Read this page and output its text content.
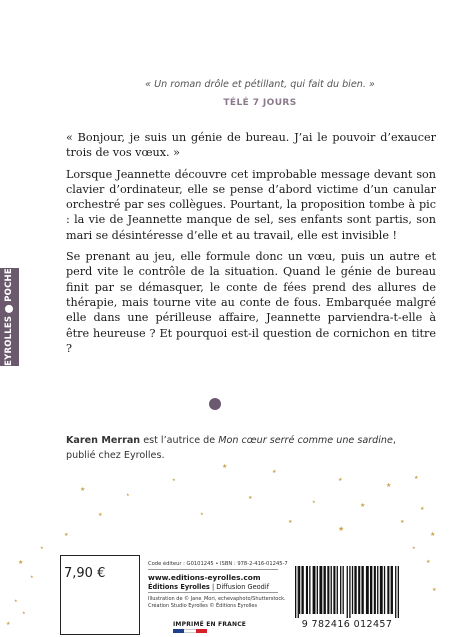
EYROLLES
POCHE
« Un roman drôle et pétillant, qui fait du bien. »
TÉLÉ 7 JOURS

« Bonjour, je suis un génie de bureau. J’ai le pouvoir d’exaucer trois de vos vœux. »

Lorsque Jeannette découvre cet improbable message devant son clavier d’ordinateur, elle se pense d’abord victime d’un canular orchestré par ses collègues. Pourtant, la proposition tombe à pic : la vie de Jeannette manque de sel, ses enfants sont partis, son mari se désintéresse d’elle et au travail, elle est invisible !

Se prenant au jeu, elle formule donc un vœu, puis un autre et perd vite le contrôle de la situation. Quand le génie de bureau finit par se démasquer, le conte de fées prend des allures de thérapie, mais tourne vite au conte de fous. Embarquée malgré elle dans une périlleuse affaire, Jeannette parviendra-t-elle à être heureuse ? Et pourquoi est-il question de cornichon en titre ?

Karen Merran est l’autrice de Mon cœur serré comme une sardine, publié chez Eyrolles.
★
★
★
★
★
★
★
★
★
★
★	★
★	★
★
★
★
★
★
★
★
★
★
★
★
★
★
★
7,90 €
Code éditeur : G0101245 • ISBN : 978-2-416-01245-7
www.editions-eyrolles.com
Éditions Eyrolles | Diffusion Geodif
Illustration de © Jane_Mori, echevaphoto/Shutterstock. Création Studio Eyrolles © Éditions Eyrolles
IMPRIMÉ EN FRANCE	9 782416 012457
